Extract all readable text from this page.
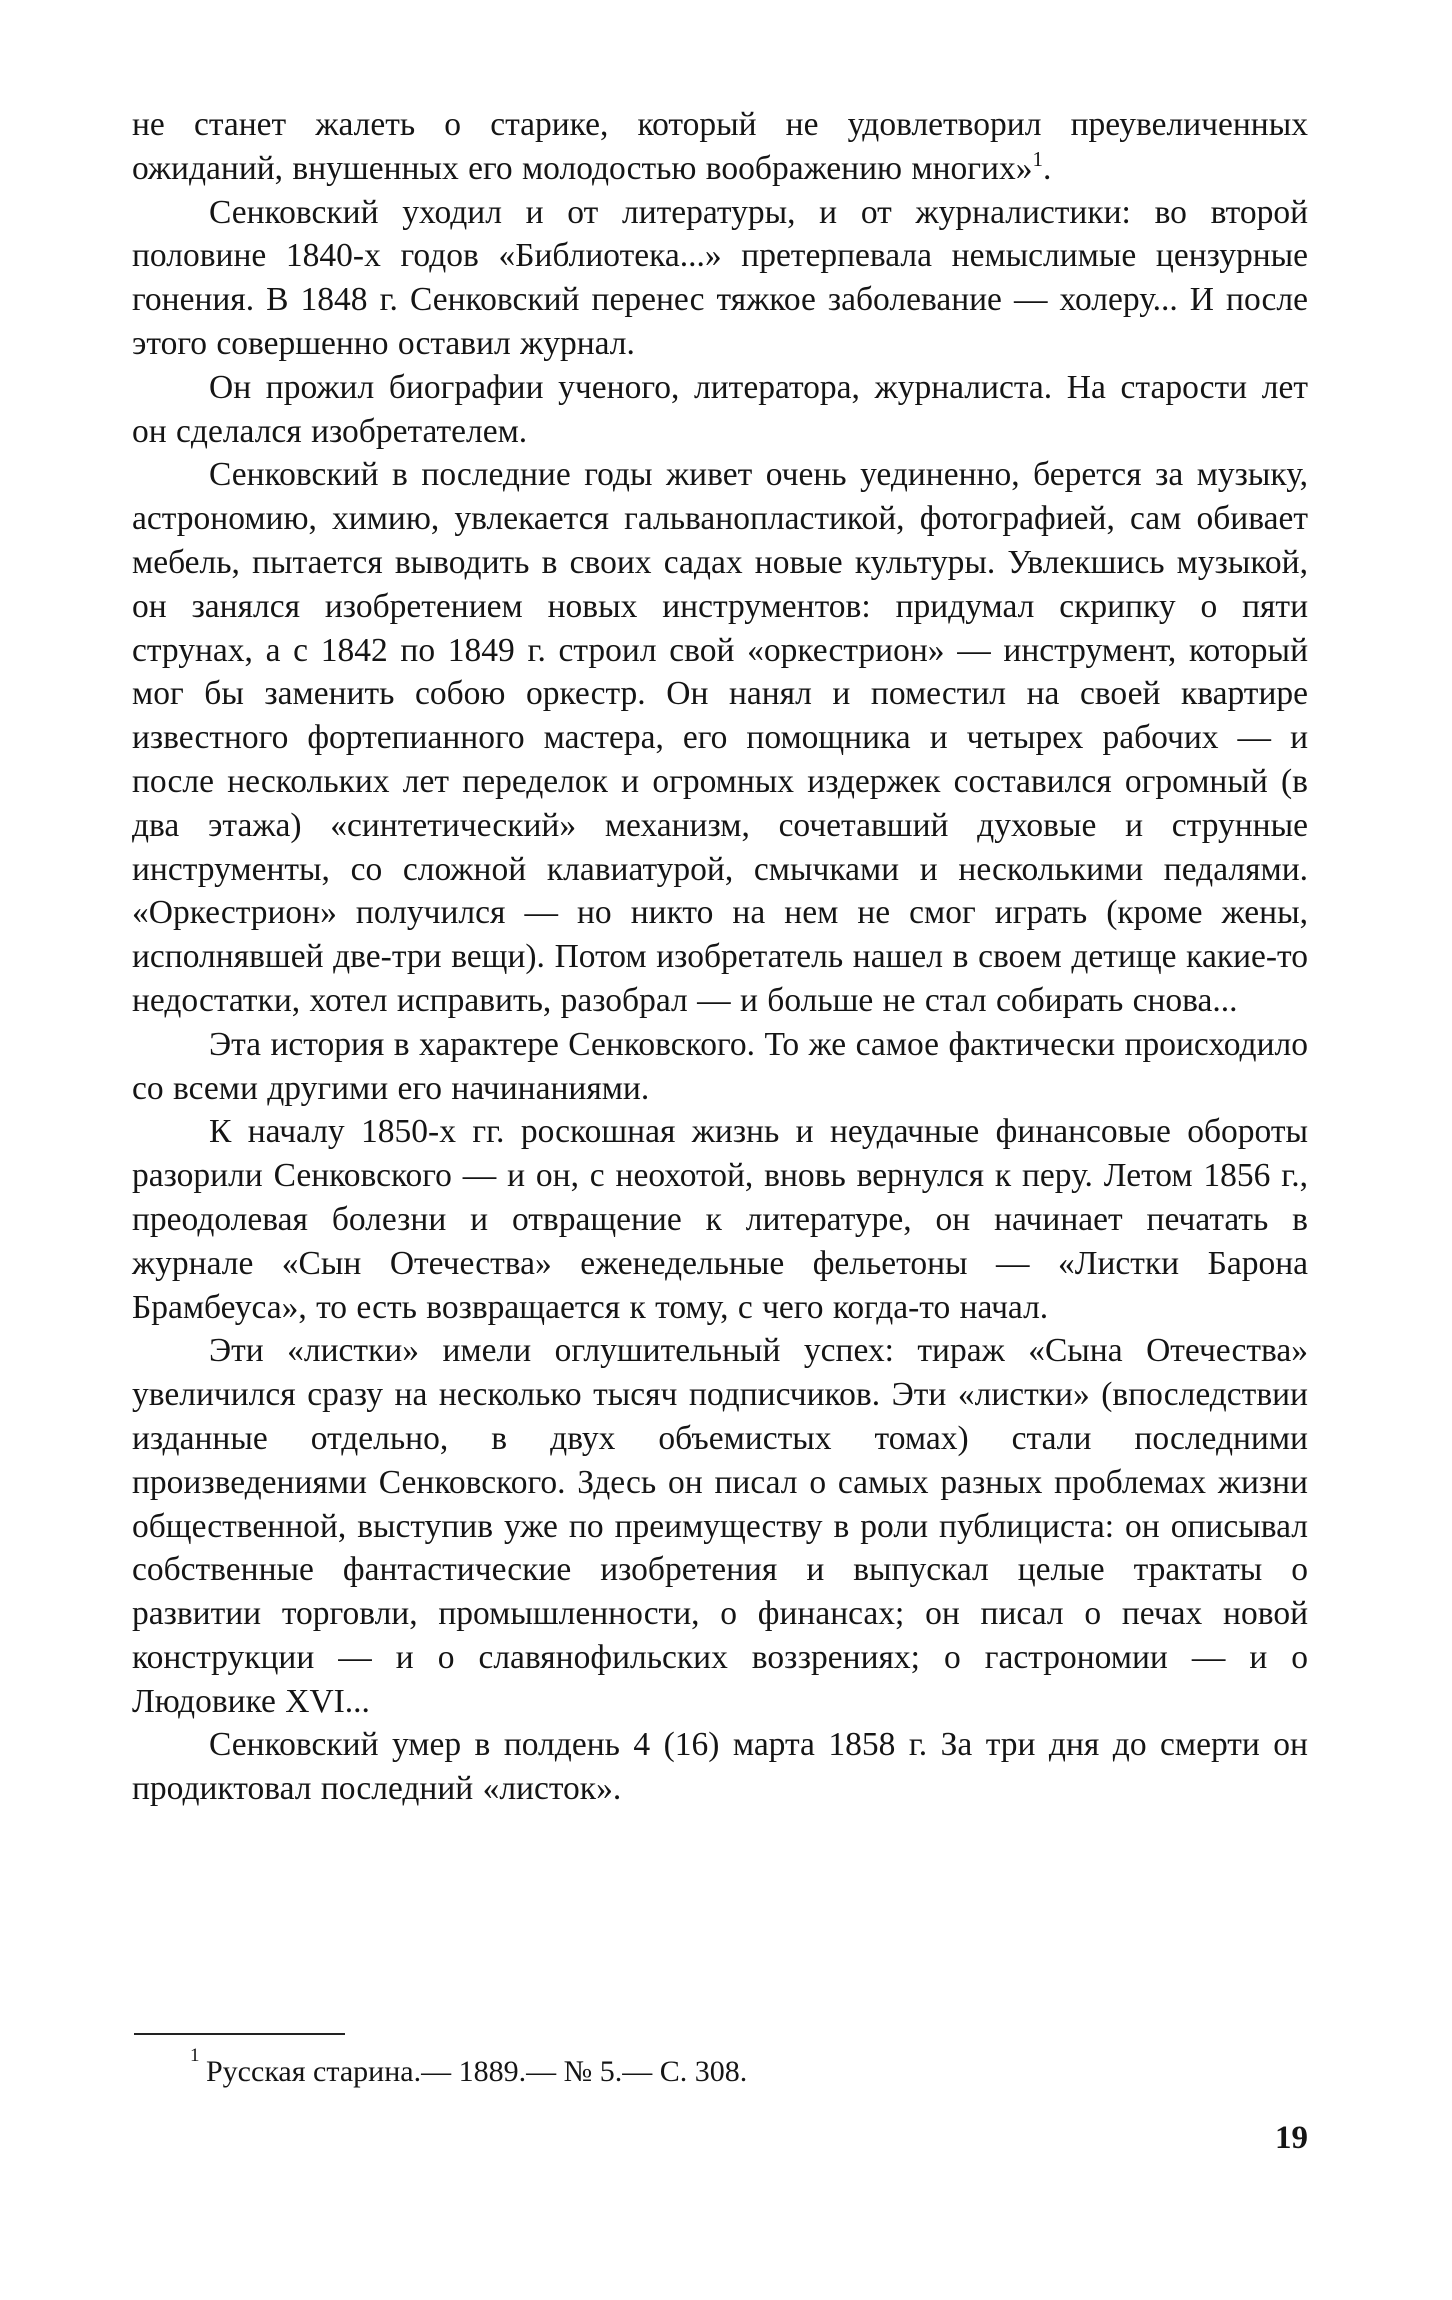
не станет жалеть о старике, который не удовлетворил преувеличенных ожиданий, внушенных его молодостью воображению многих»$^1$.

Сенковский уходил и от литературы, и от журналистики: во второй половине 1840-х годов «Библиотека...» претерпевала немыслимые цензурные гонения. В 1848 г. Сенковский перенес тяжкое заболевание — холеру... И после этого совершенно оставил журнал.

Он прожил биографии ученого, литератора, журналиста. На старости лет он сделался изобретателем.

Сенковский в последние годы живет очень уединенно, берется за музыку, астрономию, химию, увлекается гальванопластикой, фотографией, сам обивает мебель, пытается выводить в своих садах новые культуры. Увлекшись музыкой, он занялся изобретением новых инструментов: придумал скрипку о пяти струнах, а с 1842 по 1849 г. строил свой «оркестрион» — инструмент, который мог бы заменить собою оркестр. Он нанял и поместил на своей квартире известного фортепианного мастера, его помощника и четырех рабочих — и после нескольких лет переделок и огромных издержек составился огромный (в два этажа) «синтетический» механизм, сочетавший духовые и струнные инструменты, со сложной клавиатурой, смычками и несколькими педалями. «Оркестрион» получился — но никто на нем не смог играть (кроме жены, исполнявшей две-три вещи). Потом изобретатель нашел в своем детище какие-то недостатки, хотел исправить, разобрал — и больше не стал собирать снова...

Эта история в характере Сенковского. То же самое фактически происходило со всеми другими его начинаниями.

К началу 1850-х гг. роскошная жизнь и неудачные финансовые обороты разорили Сенковского — и он, с неохотой, вновь вернулся к перу. Летом 1856 г., преодолевая болезни и отвращение к литературе, он начинает печатать в журнале «Сын Отечества» еженедельные фельетоны — «Листки Барона Брамбеуса», то есть возвращается к тому, с чего когда-то начал.

Эти «листки» имели оглушительный успех: тираж «Сына Отечества» увеличился сразу на несколько тысяч подписчиков. Эти «листки» (впоследствии изданные отдельно, в двух объемистых томах) стали последними произведениями Сенковского. Здесь он писал о самых разных проблемах жизни общественной, выступив уже по преимуществу в роли публициста: он описывал собственные фантастические изобретения и выпускал целые трактаты о развитии торговли, промышленности, о финансах; он писал о печах новой конструкции — и о славянофильских воззрениях; о гастрономии — и о Людовике XVI...

Сенковский умер в полдень 4 (16) марта 1858 г. За три дня до смерти он продиктовал последний «листок».

1 Русская старина.— 1889.— № 5.— С. 308.

19
